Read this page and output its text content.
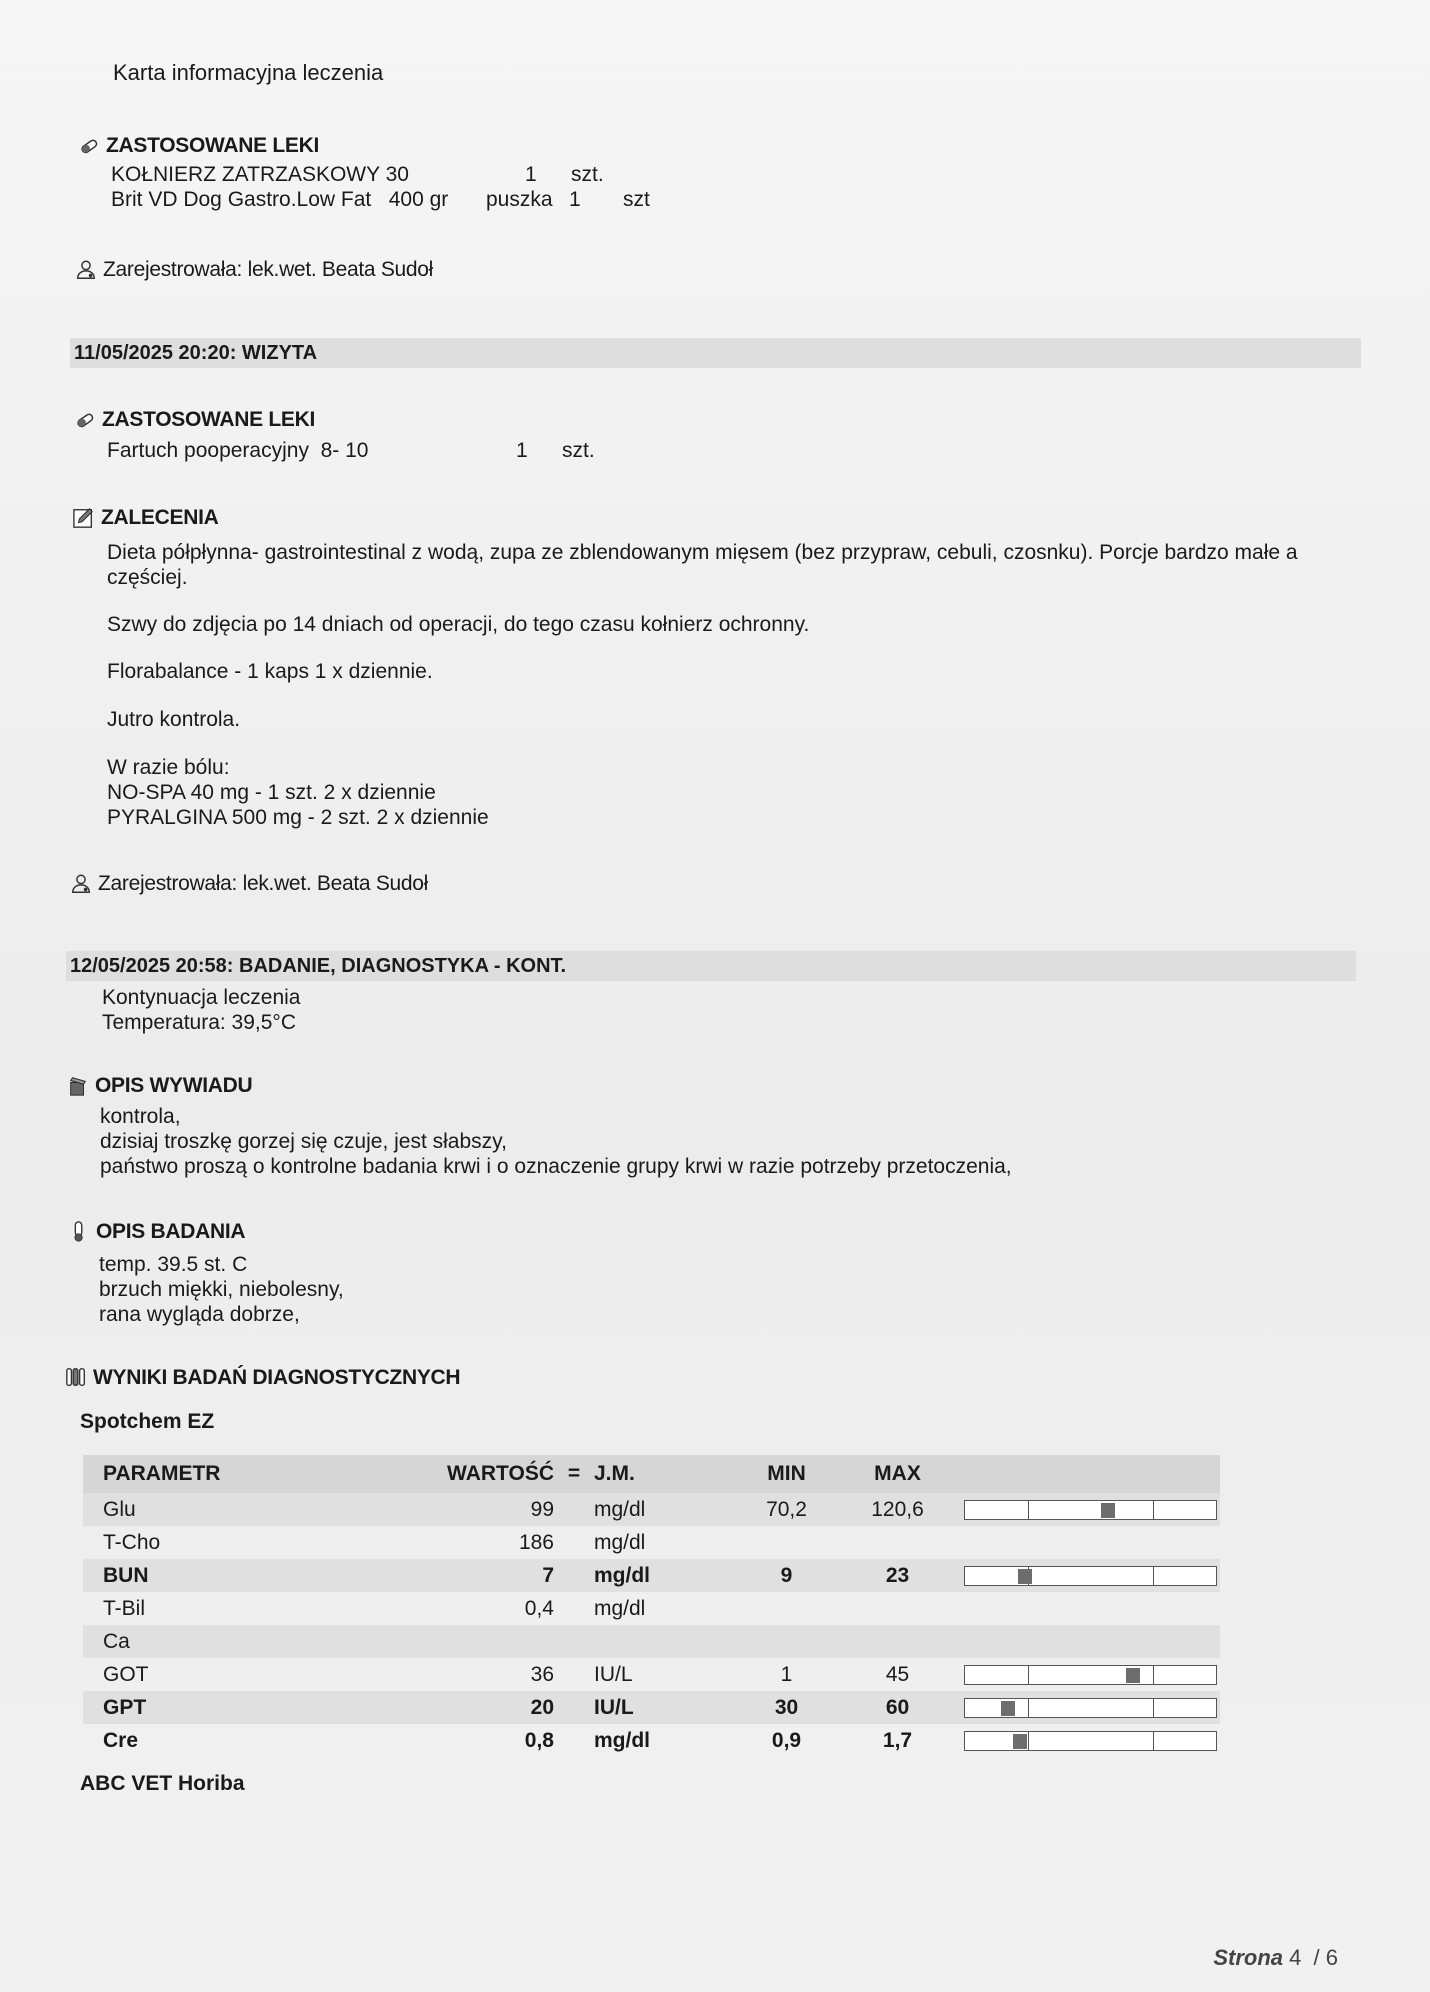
Karta informacyjna leczenia
ZASTOSOWANE LEKI
KOŁNIERZ ZATRZASKOWY 30	1	szt.
Brit VD Dog Gastro.Low Fat   400 gr	puszka 1	szt
Zarejestrowała: lek.wet. Beata Sudoł
11/05/2025 20:20: WIZYTA
ZASTOSOWANE LEKI
Fartuch pooperacyjny  8- 10	1	szt.
ZALECENIA
Dieta półpłynna- gastrointestinal z wodą, zupa ze zblendowanym mięsem (bez przypraw, cebuli, czosnku). Porcje bardzo małe a częściej.
Szwy do zdjęcia po 14 dniach od operacji, do tego czasu kołnierz ochronny.
Florabalance - 1 kaps 1 x dziennie.
Jutro kontrola.
W razie bólu:
NO-SPA 40 mg - 1 szt. 2 x dziennie
PYRALGINA 500 mg - 2 szt. 2 x dziennie
Zarejestrowała: lek.wet. Beata Sudoł
12/05/2025 20:58: BADANIE, DIAGNOSTYKA - KONT.
Kontynuacja leczenia
Temperatura: 39,5°C
OPIS WYWIADU
kontrola,
dzisiaj troszkę gorzej się czuje, jest słabszy,
państwo proszą o kontrolne badania krwi i o oznaczenie grupy krwi w razie potrzeby przetoczenia,
OPIS BADANIA
temp. 39.5 st. C
brzuch miękki, niebolesny,
rana wygląda dobrze,
WYNIKI BADAŃ DIAGNOSTYCZNYCH
Spotchem EZ
	PARAMETR	WARTOŚĆ	=	J.M.	MIN	MAX	
	Glu	99		mg/dl	70,2	120,6	

	T-Cho	186		mg/dl			
	BUN	7		mg/dl	9	23	

	T-Bil	0,4		mg/dl			
	Ca						
	GOT	36		IU/L	1	45	

	GPT	20		IU/L	30	60	

	Cre	0,8		mg/dl	0,9	1,7	
ABC VET Horiba
Strona 4 / 6
